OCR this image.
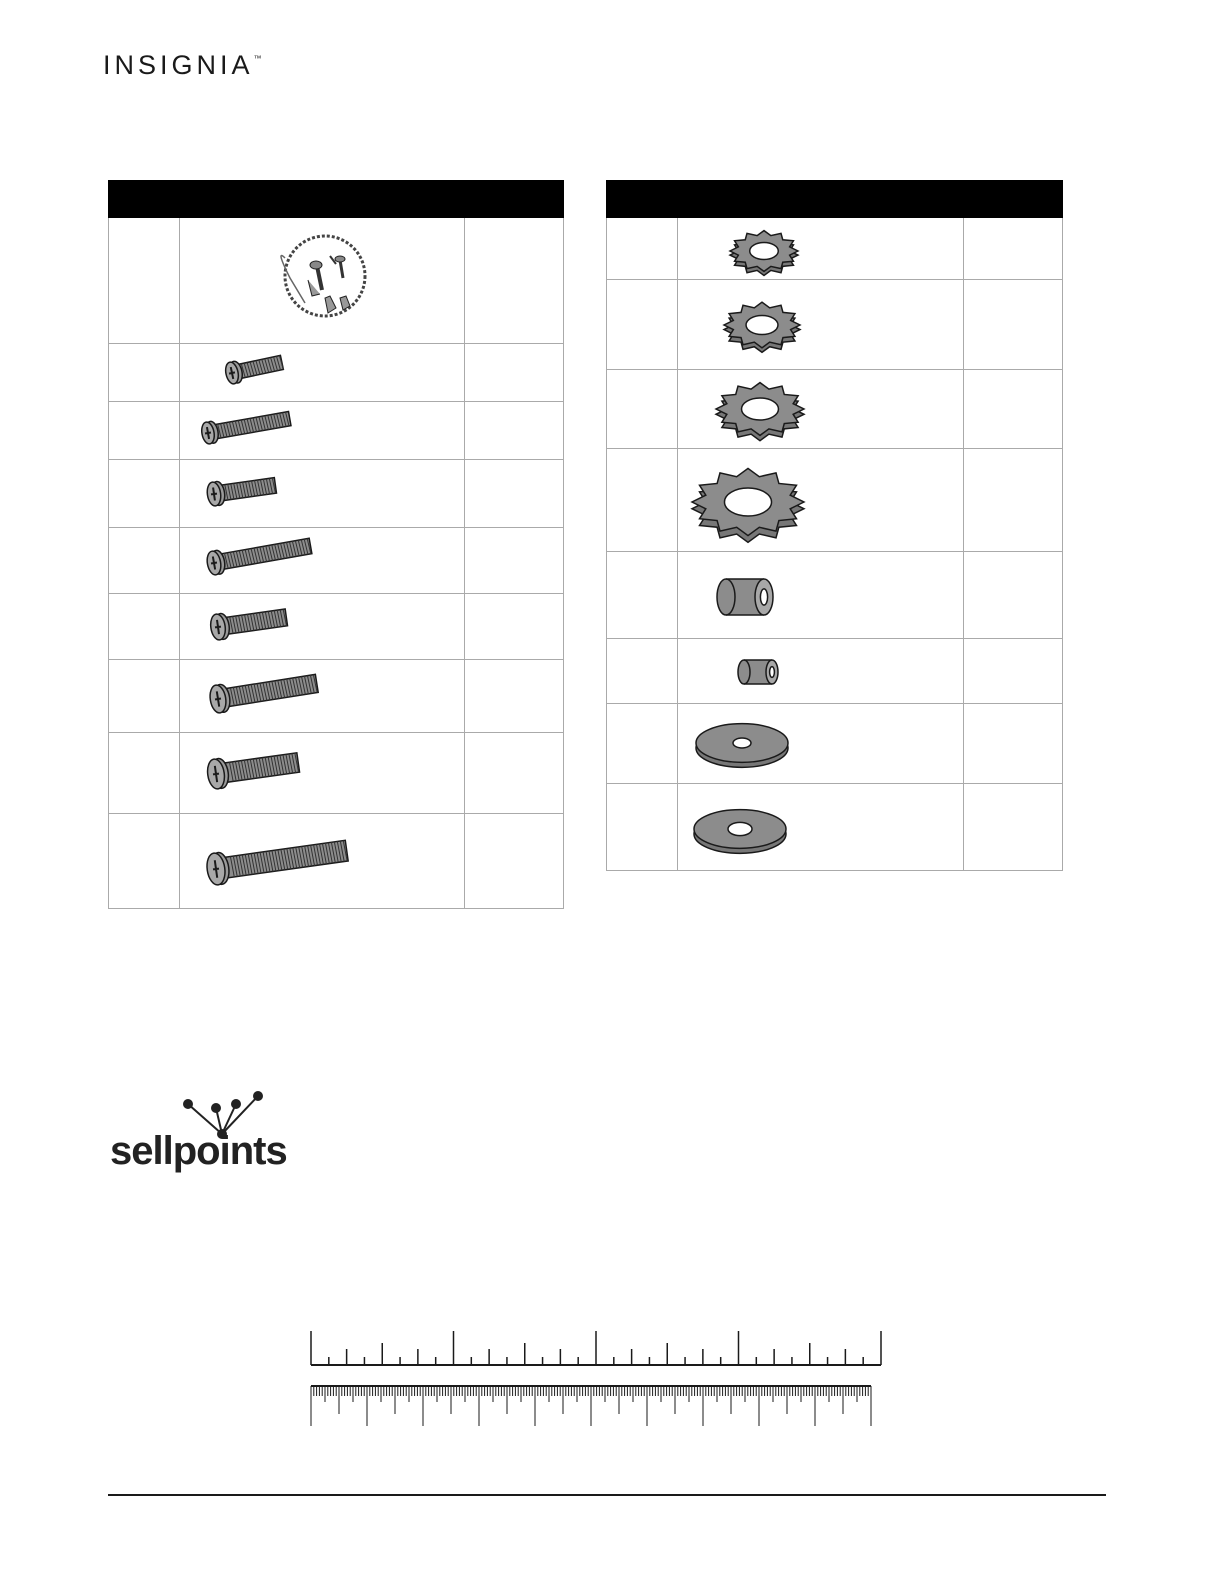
INSIGNIA™

sellpoints
